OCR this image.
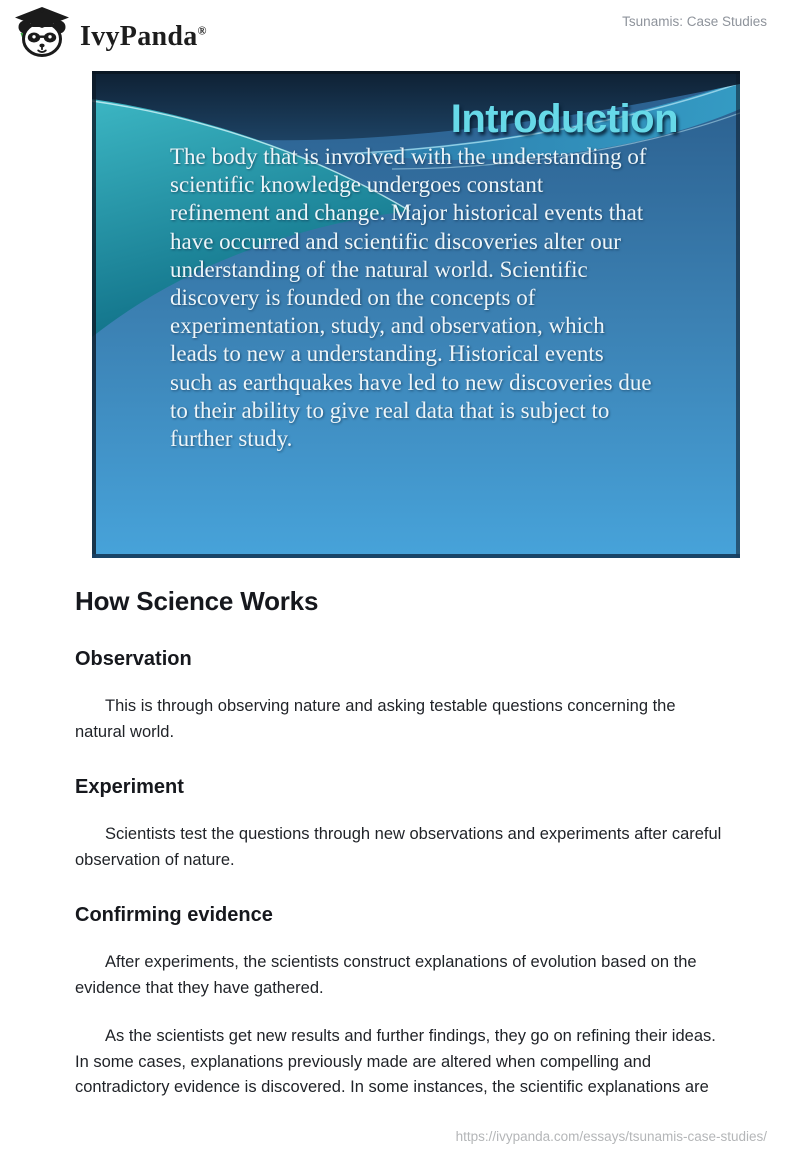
IvyPanda®
Tsunamis: Case Studies
Introduction
The body that is involved with the understanding of
scientific knowledge undergoes constant
refinement and change. Major historical events that
have occurred and scientific discoveries alter our
understanding of the natural world. Scientific
discovery is founded on the concepts of
experimentation, study, and observation, which
leads to new a understanding. Historical events
such as earthquakes have led to new discoveries due
to their ability to give real data that is subject to
further study.
How Science Works
Observation

This is through observing nature and asking testable questions concerning the natural world.

Experiment

Scientists test the questions through new observations and experiments after careful observation of nature.

Confirming evidence

After experiments, the scientists construct explanations of evolution based on the evidence that they have gathered.

As the scientists get new results and further findings, they go on refining their ideas. In some cases, explanations previously made are altered when compelling and contradictory evidence is discovered. In some instances, the scientific explanations are

https://ivypanda.com/essays/tsunamis-case-studies/
